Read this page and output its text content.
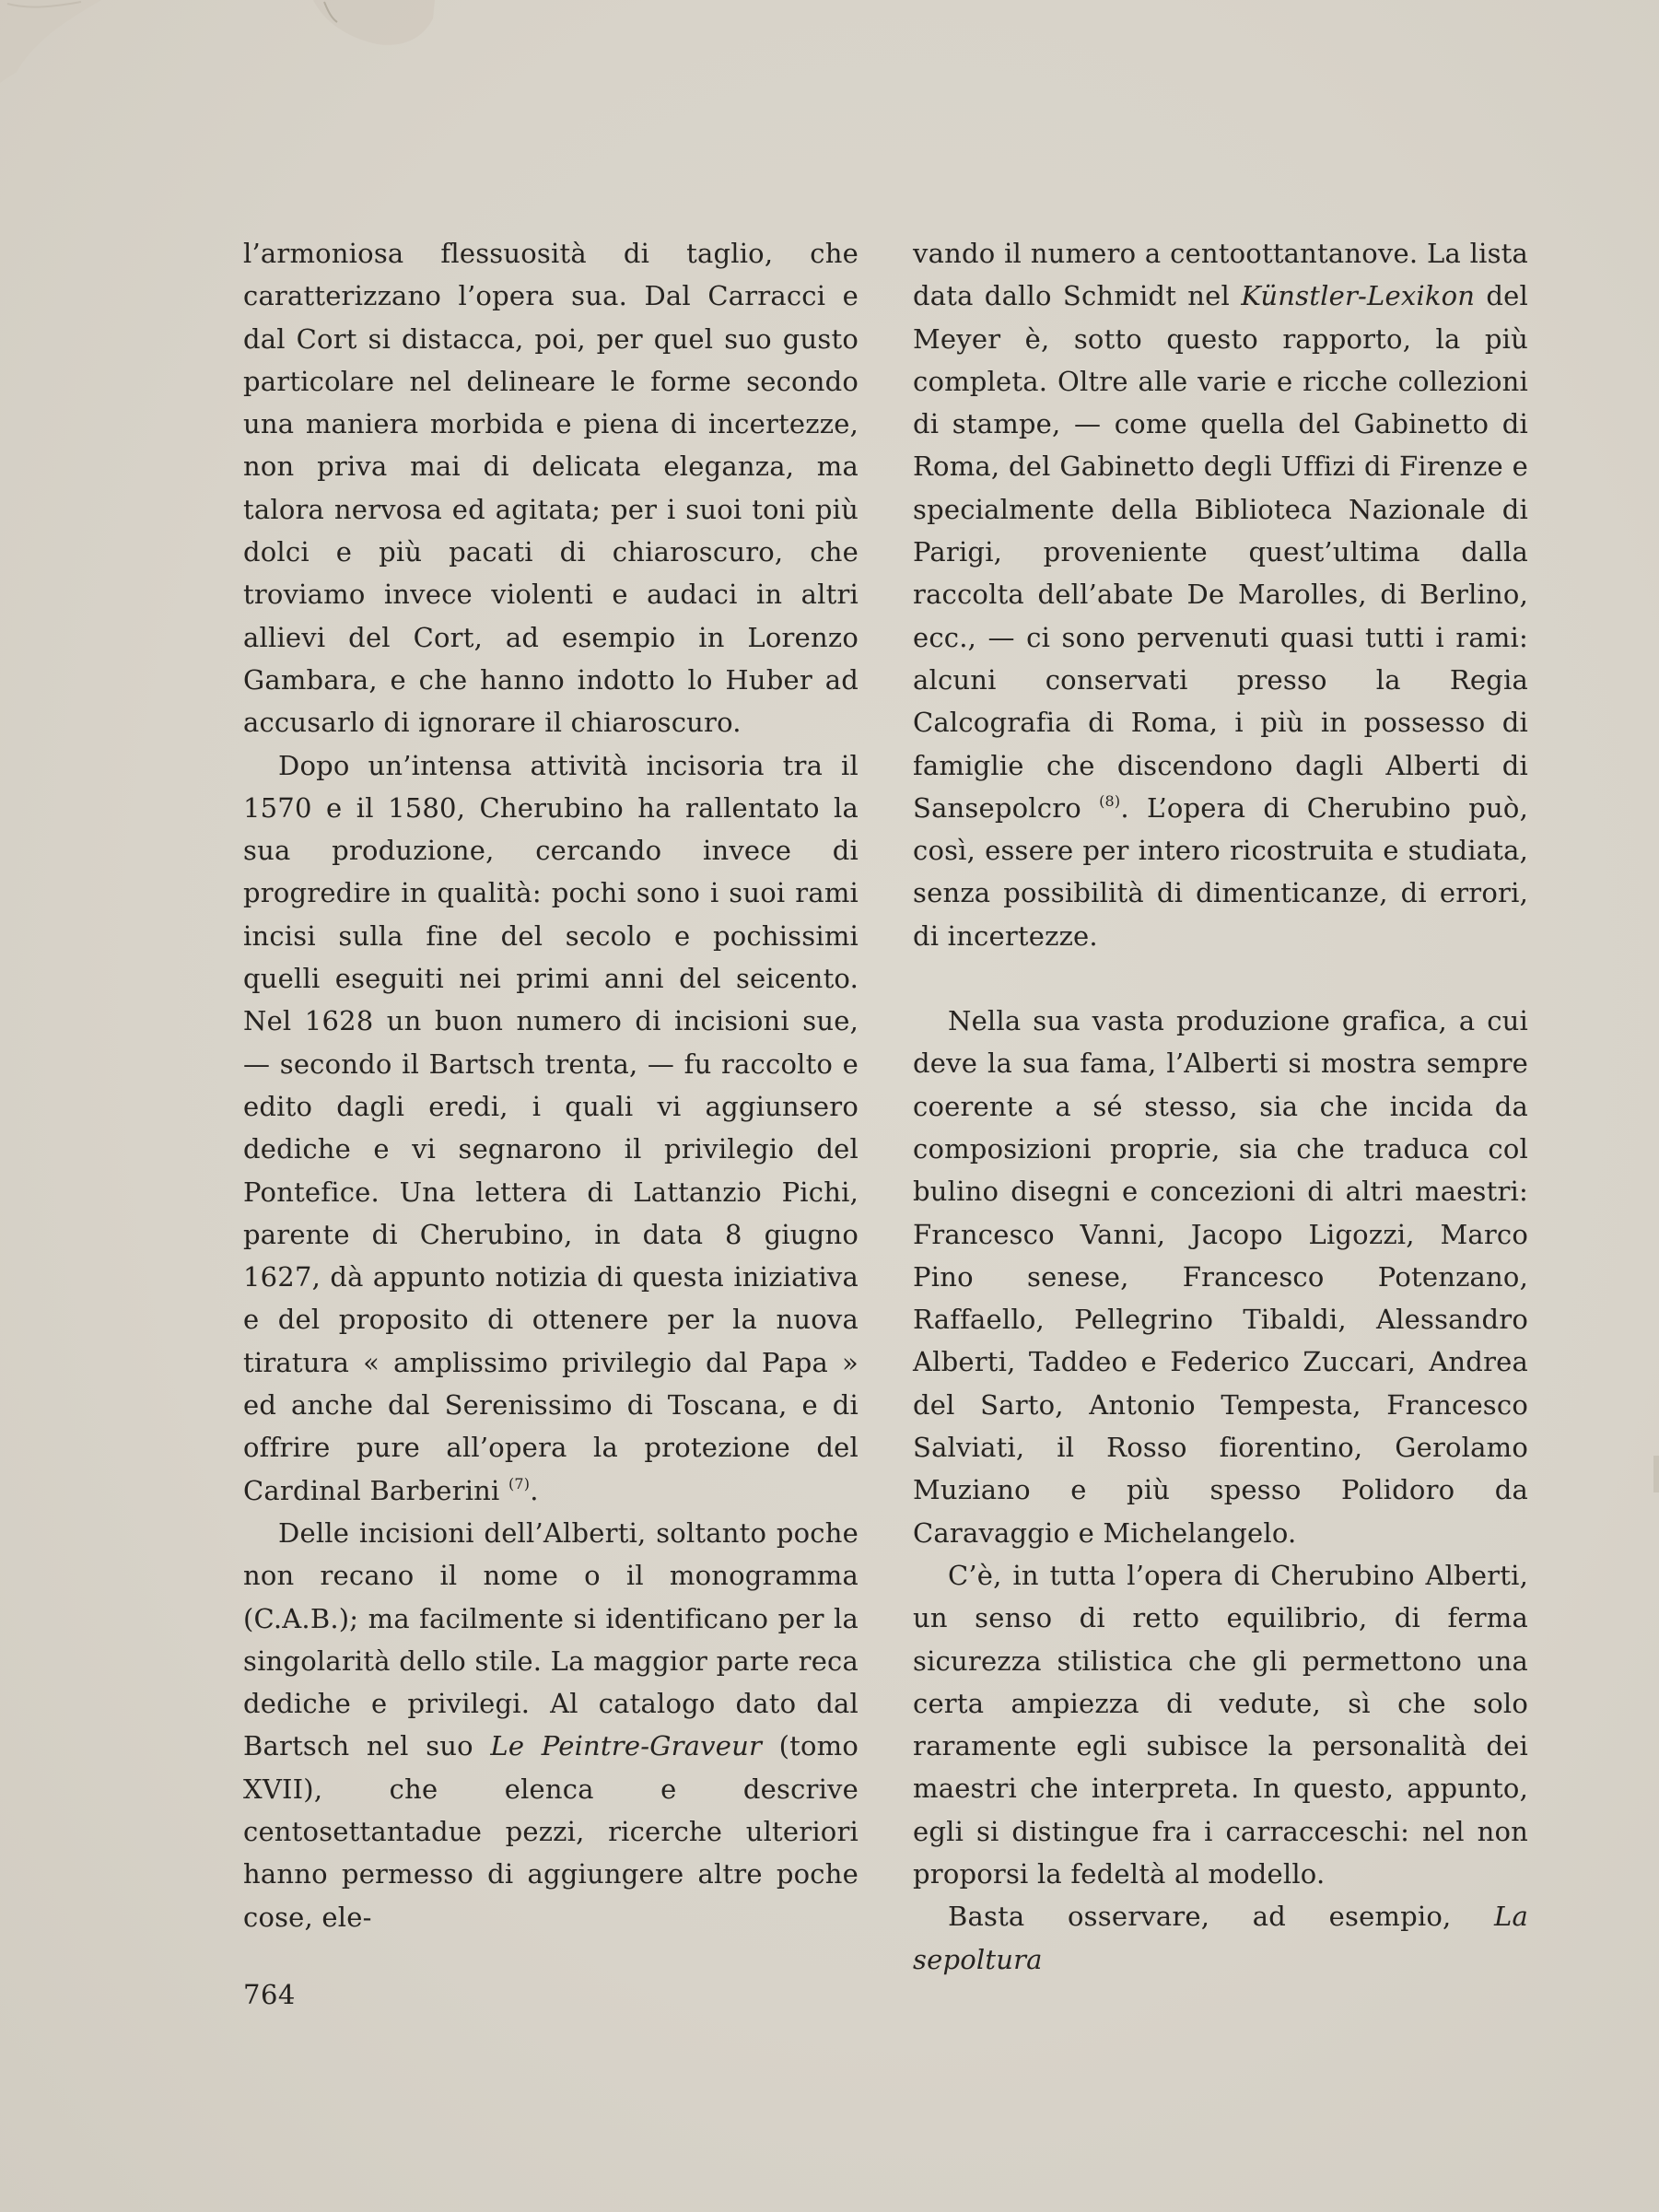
l’armoniosa flessuosità di taglio, che caratterizzano l’opera sua. Dal Carracci e dal Cort si distacca, poi, per quel suo gusto particolare nel delineare le forme secondo una maniera morbida e piena di incertezze, non priva mai di delicata eleganza, ma talora nervosa ed agitata; per i suoi toni più dolci e più pacati di chiaroscuro, che troviamo invece violenti e audaci in altri allievi del Cort, ad esempio in Lorenzo Gambara, e che hanno indotto lo Huber ad accusarlo di ignorare il chiaroscuro.

Dopo un’intensa attività incisoria tra il 1570 e il 1580, Cherubino ha rallentato la sua produzione, cercando invece di progredire in qualità: pochi sono i suoi rami incisi sulla fine del secolo e pochissimi quelli eseguiti nei primi anni del seicento. Nel 1628 un buon numero di incisioni sue, — secondo il Bartsch trenta, — fu raccolto e edito dagli eredi, i quali vi aggiunsero dediche e vi segnarono il privilegio del Pontefice. Una lettera di Lattanzio Pichi, parente di Cherubino, in data 8 giugno 1627, dà appunto notizia di questa iniziativa e del proposito di ottenere per la nuova tiratura « amplissimo privilegio dal Papa » ed anche dal Serenissimo di Toscana, e di offrire pure all’opera la protezione del Cardinal Barberini $^{(7)}$.

Delle incisioni dell’Alberti, soltanto poche non recano il nome o il monogramma (C.A.B.); ma facilmente si identificano per la singolarità dello stile. La maggior parte reca dediche e privilegi. Al catalogo dato dal Bartsch nel suo Le Peintre-Graveur (tomo XVII), che elenca e descrive centosettantadue pezzi, ricerche ulteriori hanno permesso di aggiungere altre poche cose, ele-

vando il numero a centoottantanove. La lista data dallo Schmidt nel Künstler-Lexikon del Meyer è, sotto questo rapporto, la più completa. Oltre alle varie e ricche collezioni di stampe, — come quella del Gabinetto di Roma, del Gabinetto degli Uffizi di Firenze e specialmente della Biblioteca Nazionale di Parigi, proveniente quest’ultima dalla raccolta dell’abate De Marolles, di Berlino, ecc., — ci sono pervenuti quasi tutti i rami: alcuni conservati presso la Regia Calcografia di Roma, i più in possesso di famiglie che discendono dagli Alberti di Sansepolcro $^{(8)}$. L’opera di Cherubino può, così, essere per intero ricostruita e studiata, senza possibilità di dimenticanze, di errori, di incertezze.

Nella sua vasta produzione grafica, a cui deve la sua fama, l’Alberti si mostra sempre coerente a sé stesso, sia che incida da composizioni proprie, sia che traduca col bulino disegni e concezioni di altri maestri: Francesco Vanni, Jacopo Ligozzi, Marco Pino senese, Francesco Potenzano, Raffaello, Pellegrino Tibaldi, Alessandro Alberti, Taddeo e Federico Zuccari, Andrea del Sarto, Antonio Tempesta, Francesco Salviati, il Rosso fiorentino, Gerolamo Muziano e più spesso Polidoro da Caravaggio e Michelangelo.

C’è, in tutta l’opera di Cherubino Alberti, un senso di retto equilibrio, di ferma sicurezza stilistica che gli permettono una certa ampiezza di vedute, sì che solo raramente egli subisce la personalità dei maestri che interpreta. In questo, appunto, egli si distingue fra i carracceschi: nel non proporsi la fedeltà al modello.

Basta osservare, ad esempio, La sepoltura

764
